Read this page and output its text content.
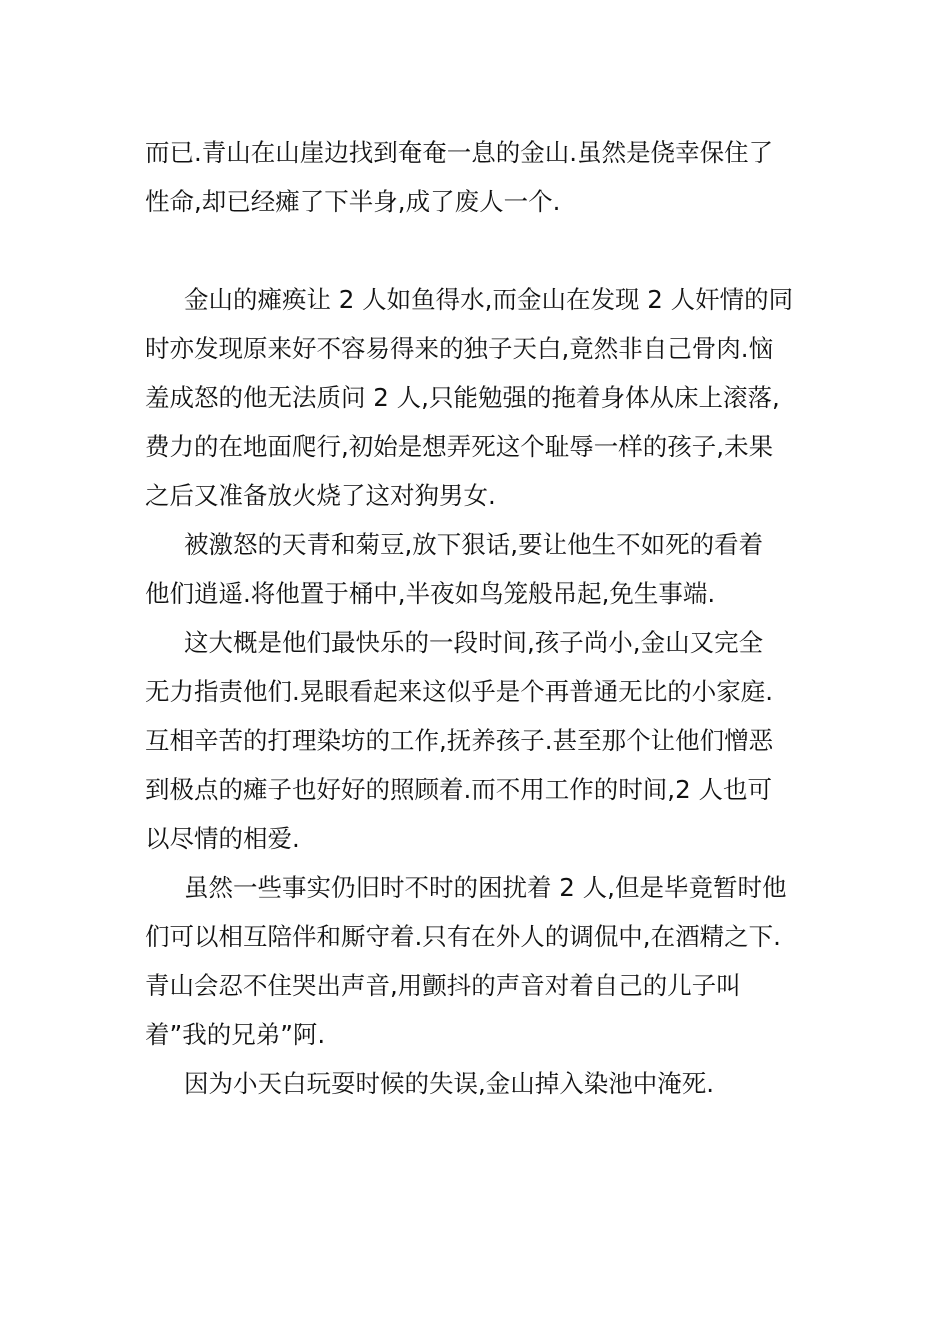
而已.青山在山崖边找到奄奄一息的金山.虽然是侥幸保住了
性命,却已经瘫了下半身,成了废人一个.
金山的瘫痪让 2 人如鱼得水,而金山在发现 2 人奸情的同
时亦发现原来好不容易得来的独子天白,竟然非自己骨肉.恼
羞成怒的他无法质问 2 人,只能勉强的拖着身体从床上滚落,
费力的在地面爬行,初始是想弄死这个耻辱一样的孩子,未果
之后又准备放火烧了这对狗男女.
被激怒的天青和菊豆,放下狠话,要让他生不如死的看着
他们逍遥.将他置于桶中,半夜如鸟笼般吊起,免生事端.
这大概是他们最快乐的一段时间,孩子尚小,金山又完全
无力指责他们.晃眼看起来这似乎是个再普通无比的小家庭.
互相辛苦的打理染坊的工作,抚养孩子.甚至那个让他们憎恶
到极点的瘫子也好好的照顾着.而不用工作的时间,2 人也可
以尽情的相爱.
虽然一些事实仍旧时不时的困扰着 2 人,但是毕竟暂时他
们可以相互陪伴和厮守着.只有在外人的调侃中,在酒精之下.
青山会忍不住哭出声音,用颤抖的声音对着自己的儿子叫
着”我的兄弟”阿.
因为小天白玩耍时候的失误,金山掉入染池中淹死.
